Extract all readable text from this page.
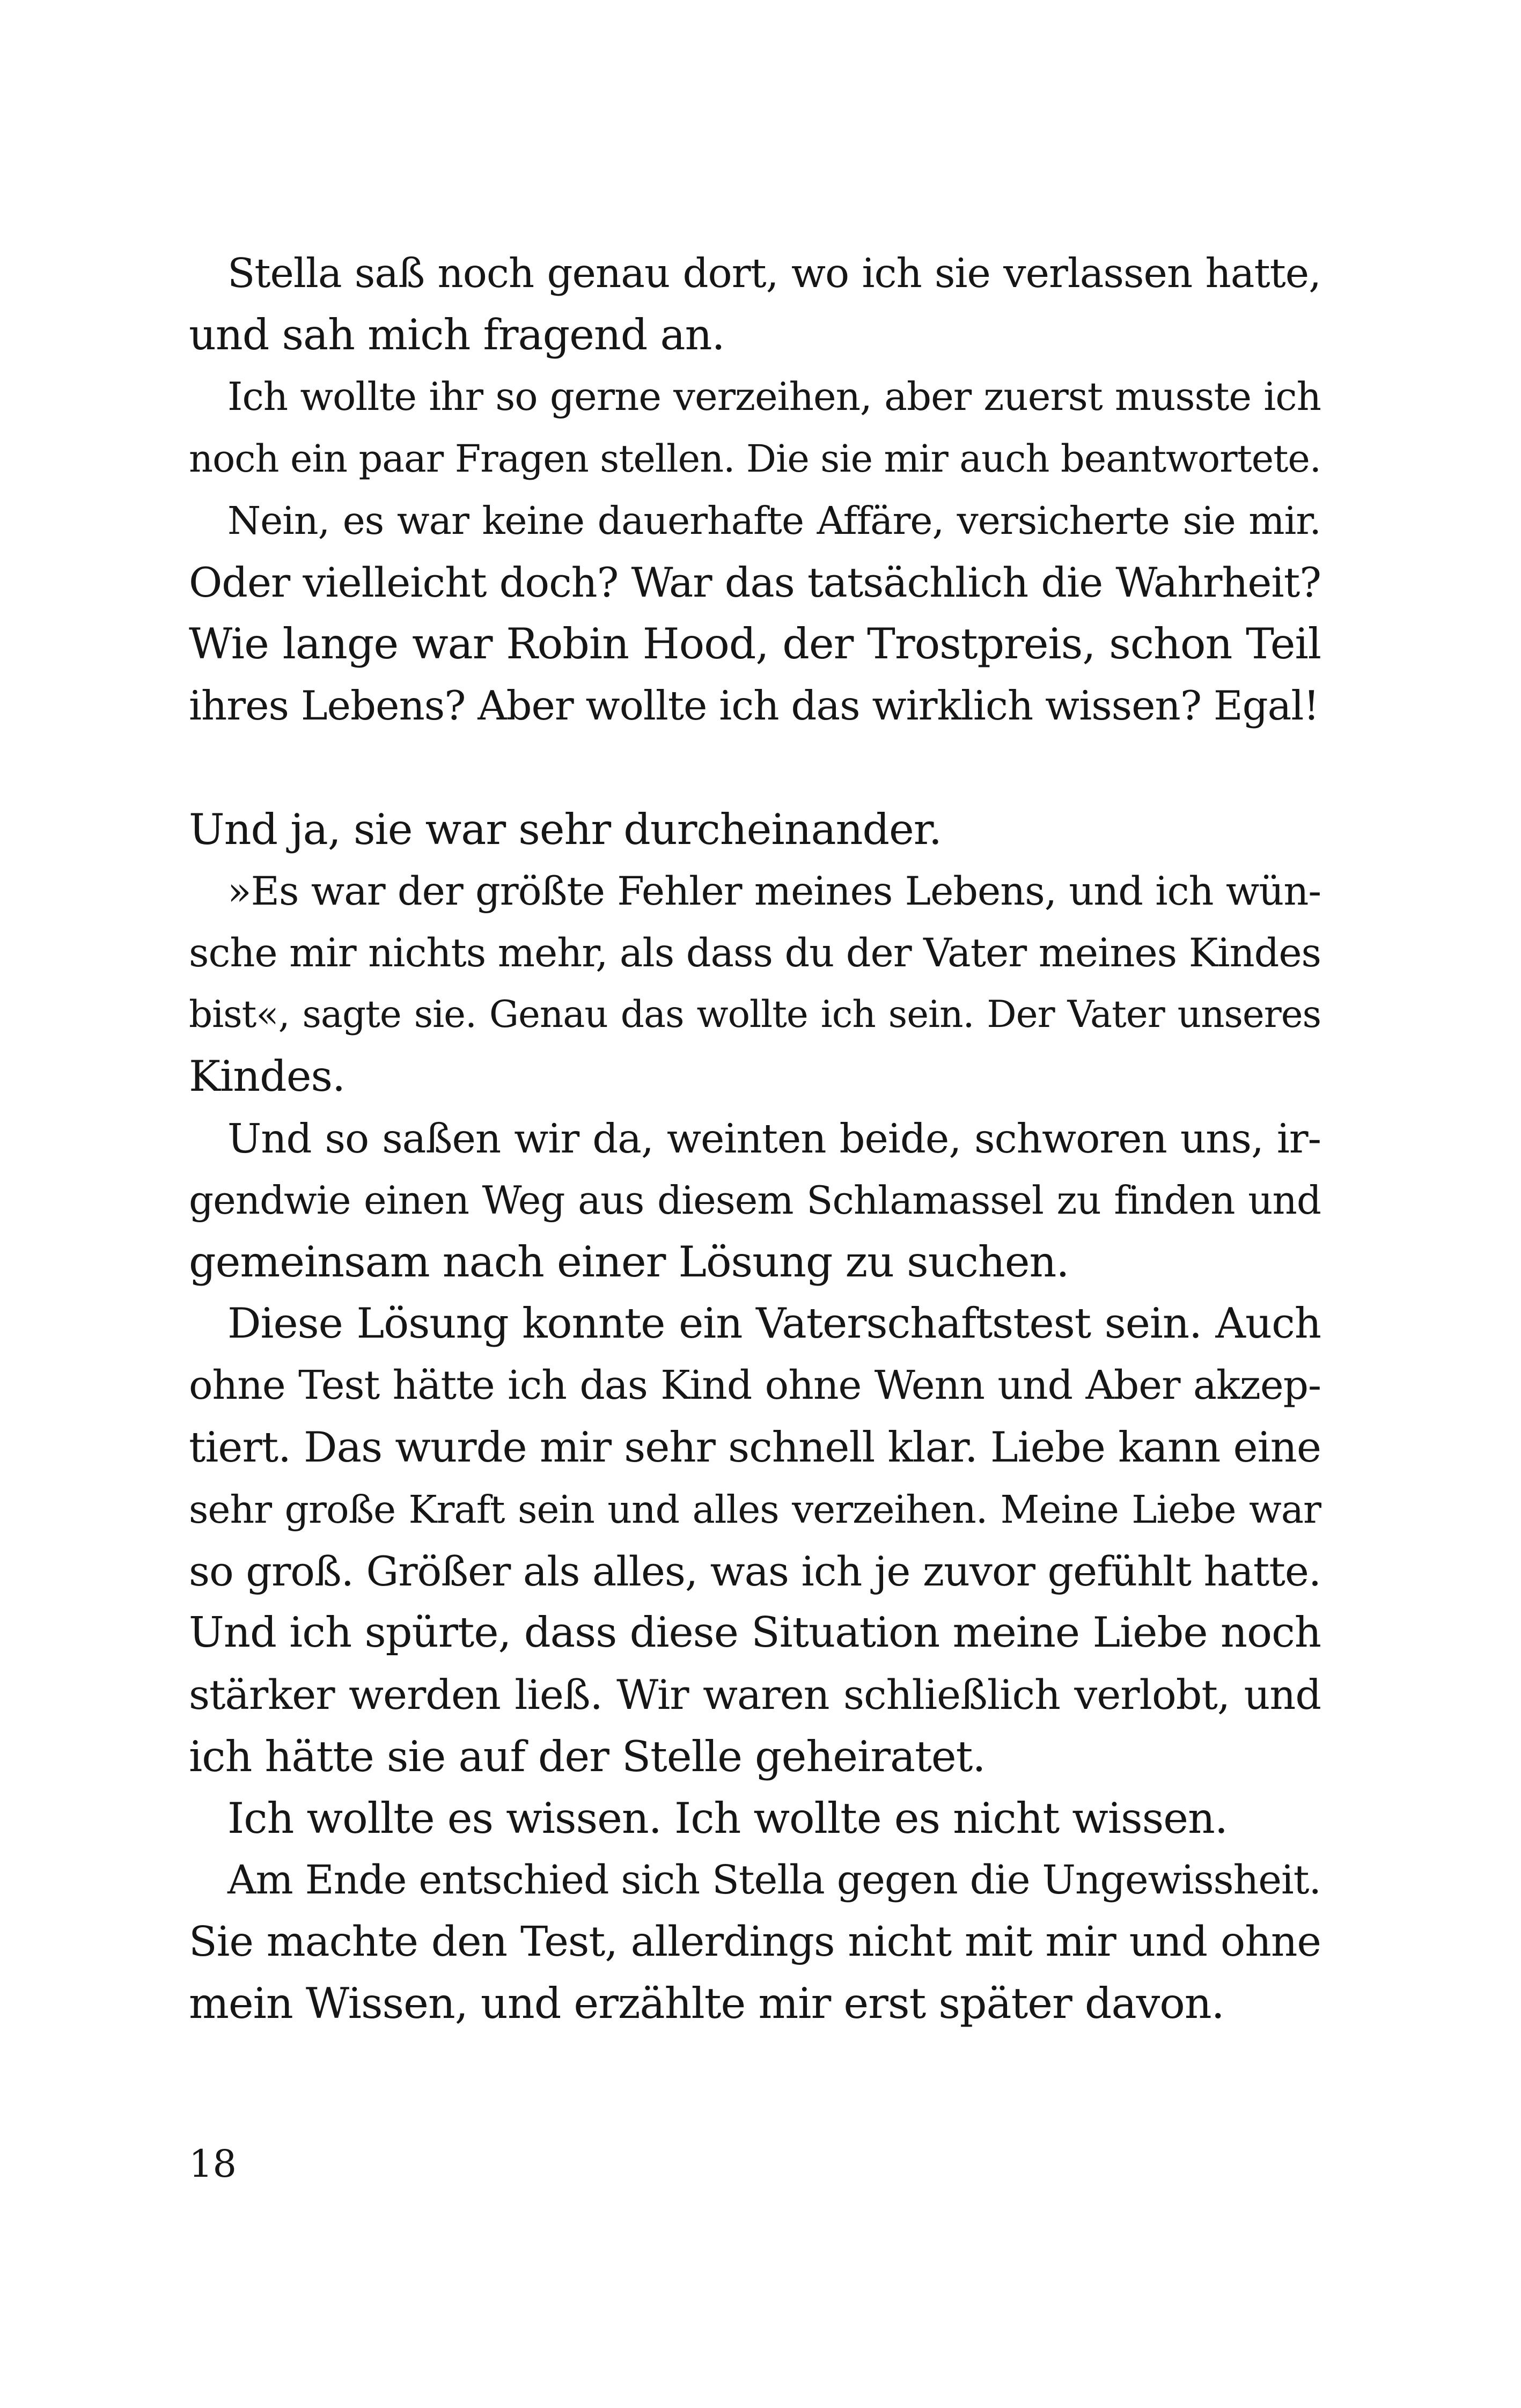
Stella saß noch genau dort, wo ich sie verlassen hatte,
und sah mich fragend an.
Ich wollte ihr so gerne verzeihen, aber zuerst musste ich
noch ein paar Fragen stellen. Die sie mir auch beantwortete.
Nein, es war keine dauerhafte Affäre, versicherte sie mir.
Oder vielleicht doch? War das tatsächlich die Wahrheit?
Wie lange war Robin Hood, der Trostpreis, schon Teil
ihres Lebens? Aber wollte ich das wirklich wissen? Egal!
Und ja, sie war sehr durcheinander.
»Es war der größte Fehler meines Lebens, und ich wün-
sche mir nichts mehr, als dass du der Vater meines Kindes
bist«, sagte sie. Genau das wollte ich sein. Der Vater unseres
Kindes.
Und so saßen wir da, weinten beide, schworen uns, ir-
gendwie einen Weg aus diesem Schlamassel zu finden und
gemeinsam nach einer Lösung zu suchen.
Diese Lösung konnte ein Vaterschaftstest sein. Auch
ohne Test hätte ich das Kind ohne Wenn und Aber akzep-
tiert. Das wurde mir sehr schnell klar. Liebe kann eine
sehr große Kraft sein und alles verzeihen. Meine Liebe war
so groß. Größer als alles, was ich je zuvor gefühlt hatte.
Und ich spürte, dass diese Situation meine Liebe noch
stärker werden ließ. Wir waren schließlich verlobt, und
ich hätte sie auf der Stelle geheiratet.
Ich wollte es wissen. Ich wollte es nicht wissen.
Am Ende entschied sich Stella gegen die Ungewissheit.
Sie machte den Test, allerdings nicht mit mir und ohne
mein Wissen, und erzählte mir erst später davon.
18
